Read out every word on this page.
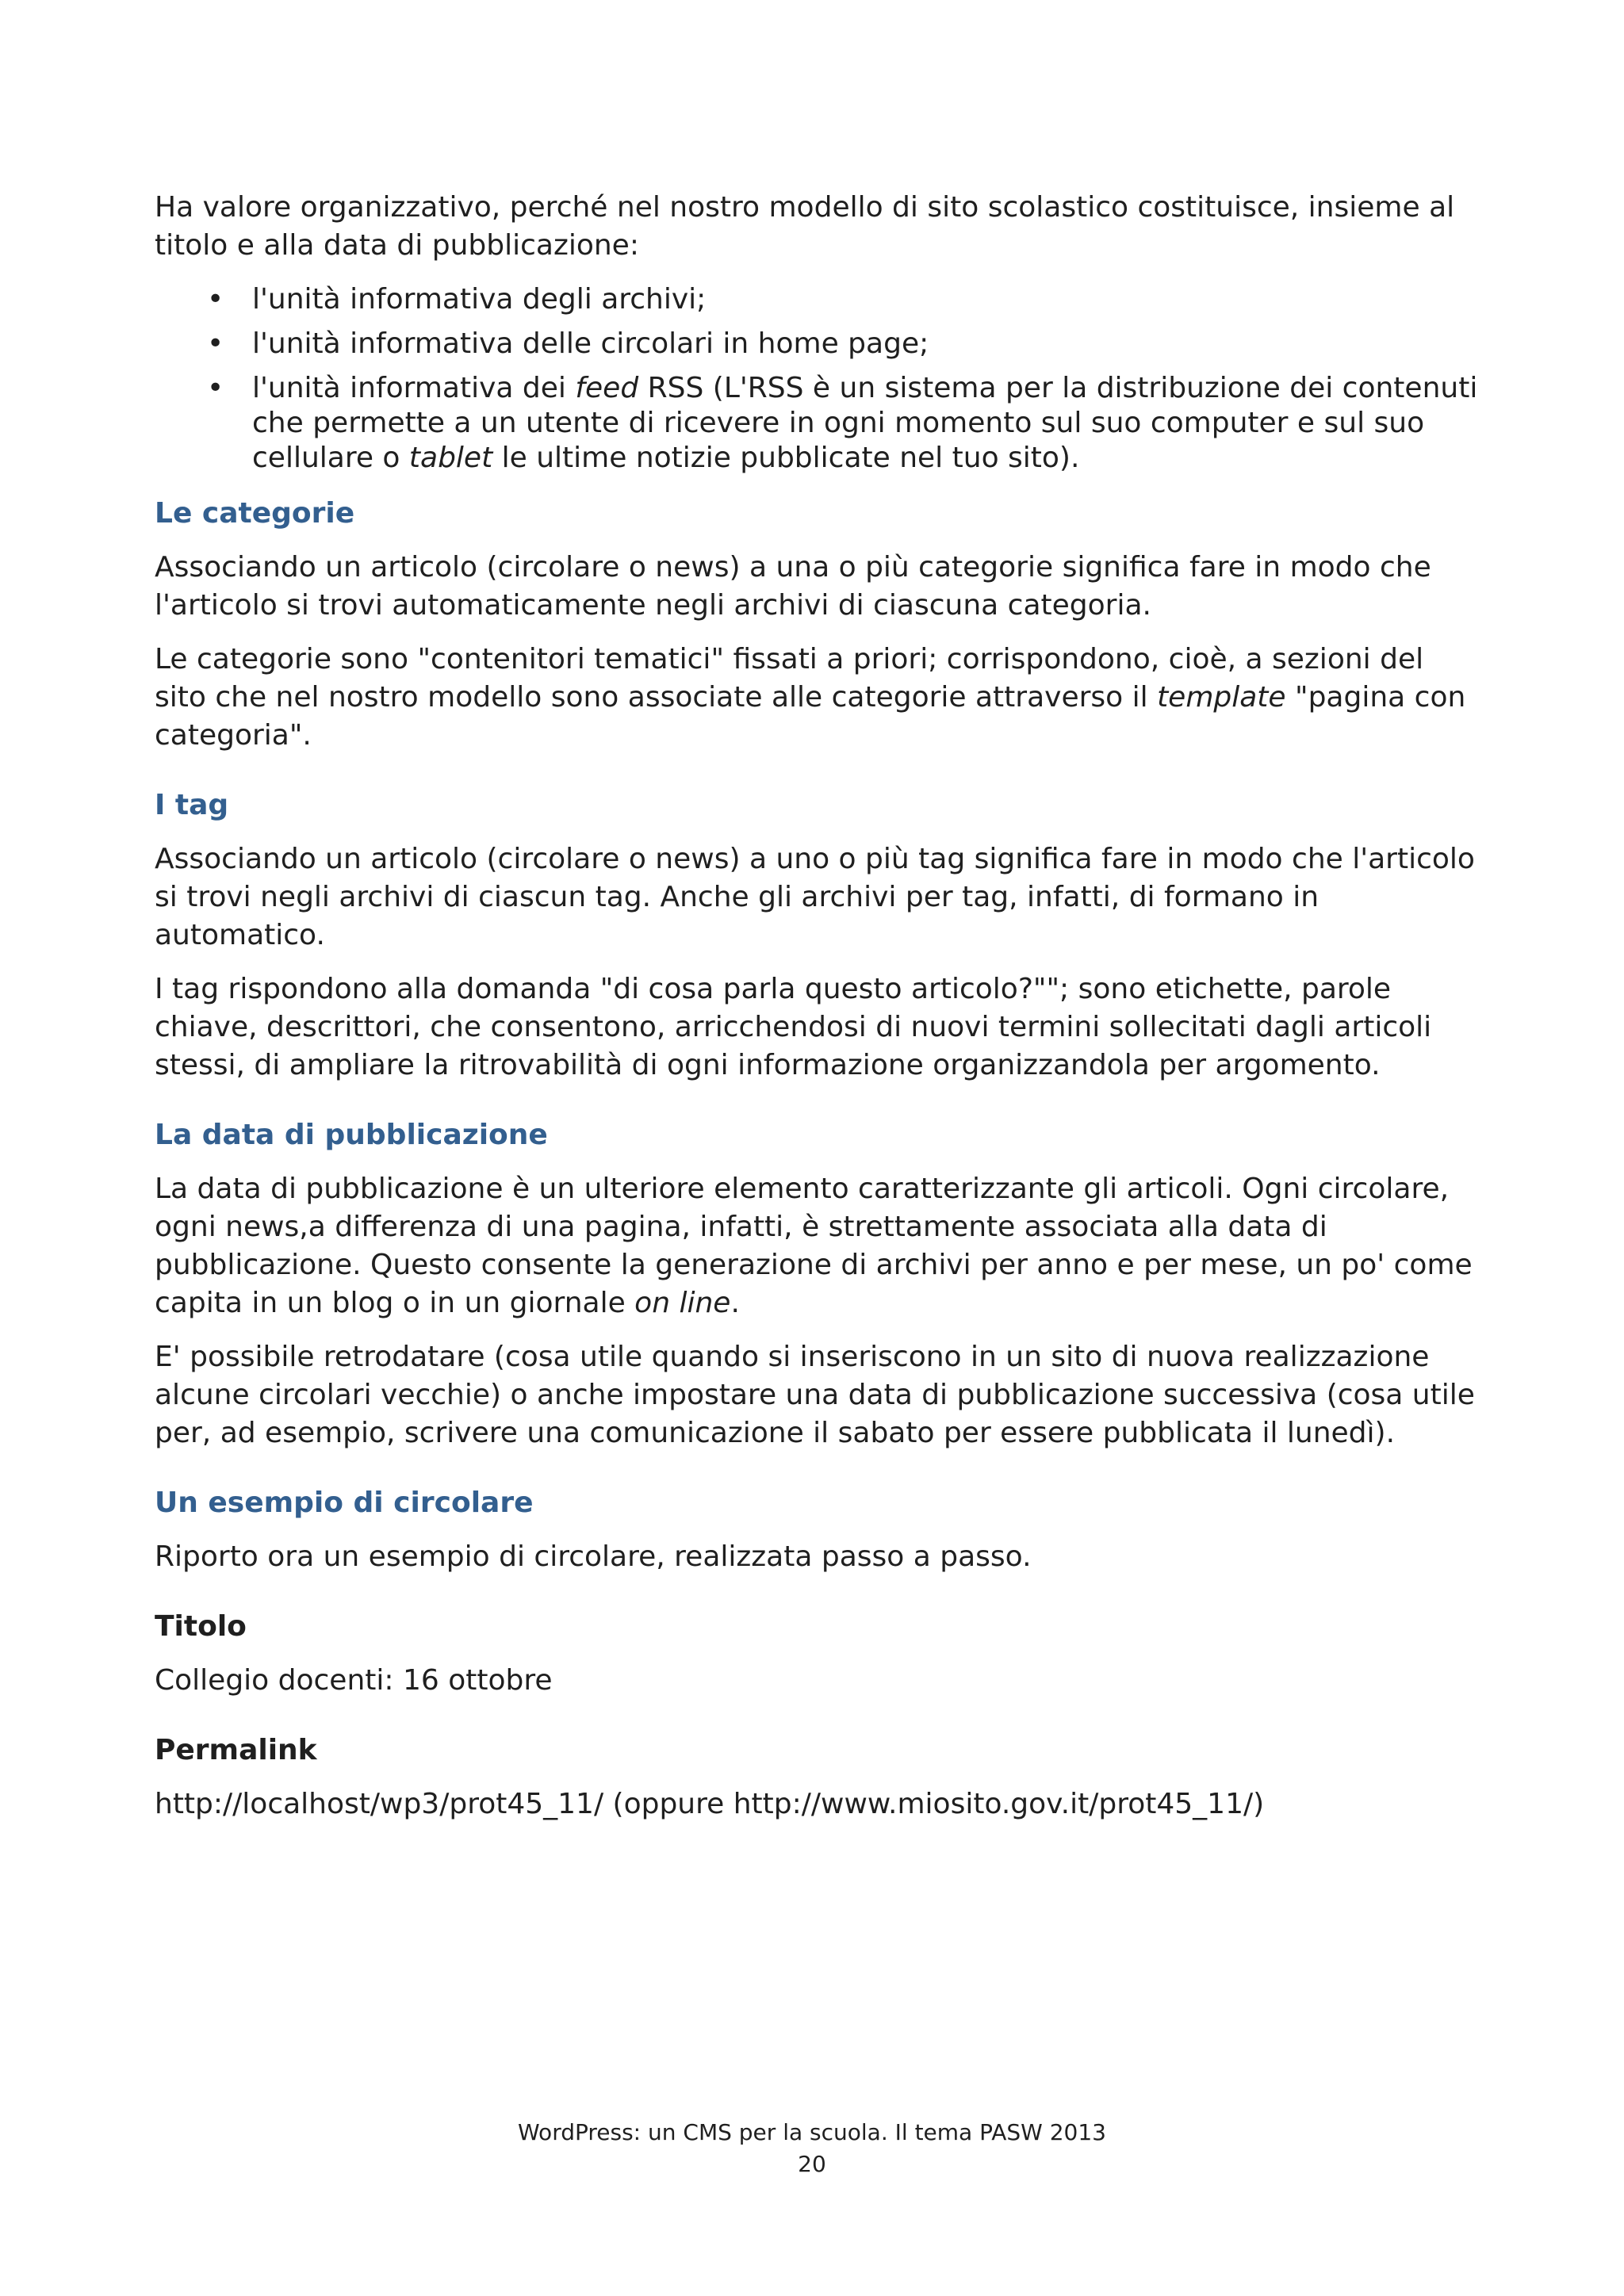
Ha valore organizzativo, perché nel nostro modello di sito scolastico costituisce, insieme al titolo e alla data di pubblicazione:

• l'unità informativa degli archivi;
• l'unità informativa delle circolari in home page;
• l'unità informativa dei feed RSS (L'RSS è un sistema per la distribuzione dei contenuti che permette a un utente di ricevere in ogni momento sul suo computer e sul suo cellulare o tablet le ultime notizie pubblicate nel tuo sito).
Le categorie

Associando un articolo (circolare o news) a una o più categorie significa fare in modo che l'articolo si trovi automaticamente negli archivi di ciascuna categoria.

Le categorie sono "contenitori tematici" fissati a priori; corrispondono, cioè, a sezioni del sito che nel nostro modello sono associate alle categorie attraverso il template "pagina con categoria".

I tag

Associando un articolo (circolare o news) a uno o più tag significa fare in modo che l'articolo si trovi negli archivi di ciascun tag. Anche gli archivi per tag, infatti, di formano in automatico.

I tag rispondono alla domanda "di cosa parla questo articolo?""; sono etichette, parole chiave, descrittori, che consentono, arricchendosi di nuovi termini sollecitati dagli articoli stessi, di ampliare la ritrovabilità di ogni informazione organizzandola per argomento.

La data di pubblicazione

La data di pubblicazione è un ulteriore elemento caratterizzante gli articoli. Ogni circolare, ogni news,a differenza di una pagina, infatti, è strettamente associata alla data di pubblicazione. Questo consente la generazione di archivi per anno e per mese, un po' come capita in un blog o in un giornale on line.

E' possibile retrodatare (cosa utile quando si inseriscono in un sito di nuova realizzazione alcune circolari vecchie) o anche impostare una data di pubblicazione successiva (cosa utile per, ad esempio, scrivere una comunicazione il sabato per essere pubblicata il lunedì).

Un esempio di circolare

Riporto ora un esempio di circolare, realizzata passo a passo.

Titolo

Collegio docenti: 16 ottobre

Permalink

http://localhost/wp3/prot45_11/ (oppure http://www.miosito.gov.it/prot45_11/)

WordPress: un CMS per la scuola. Il tema PASW 2013
20
